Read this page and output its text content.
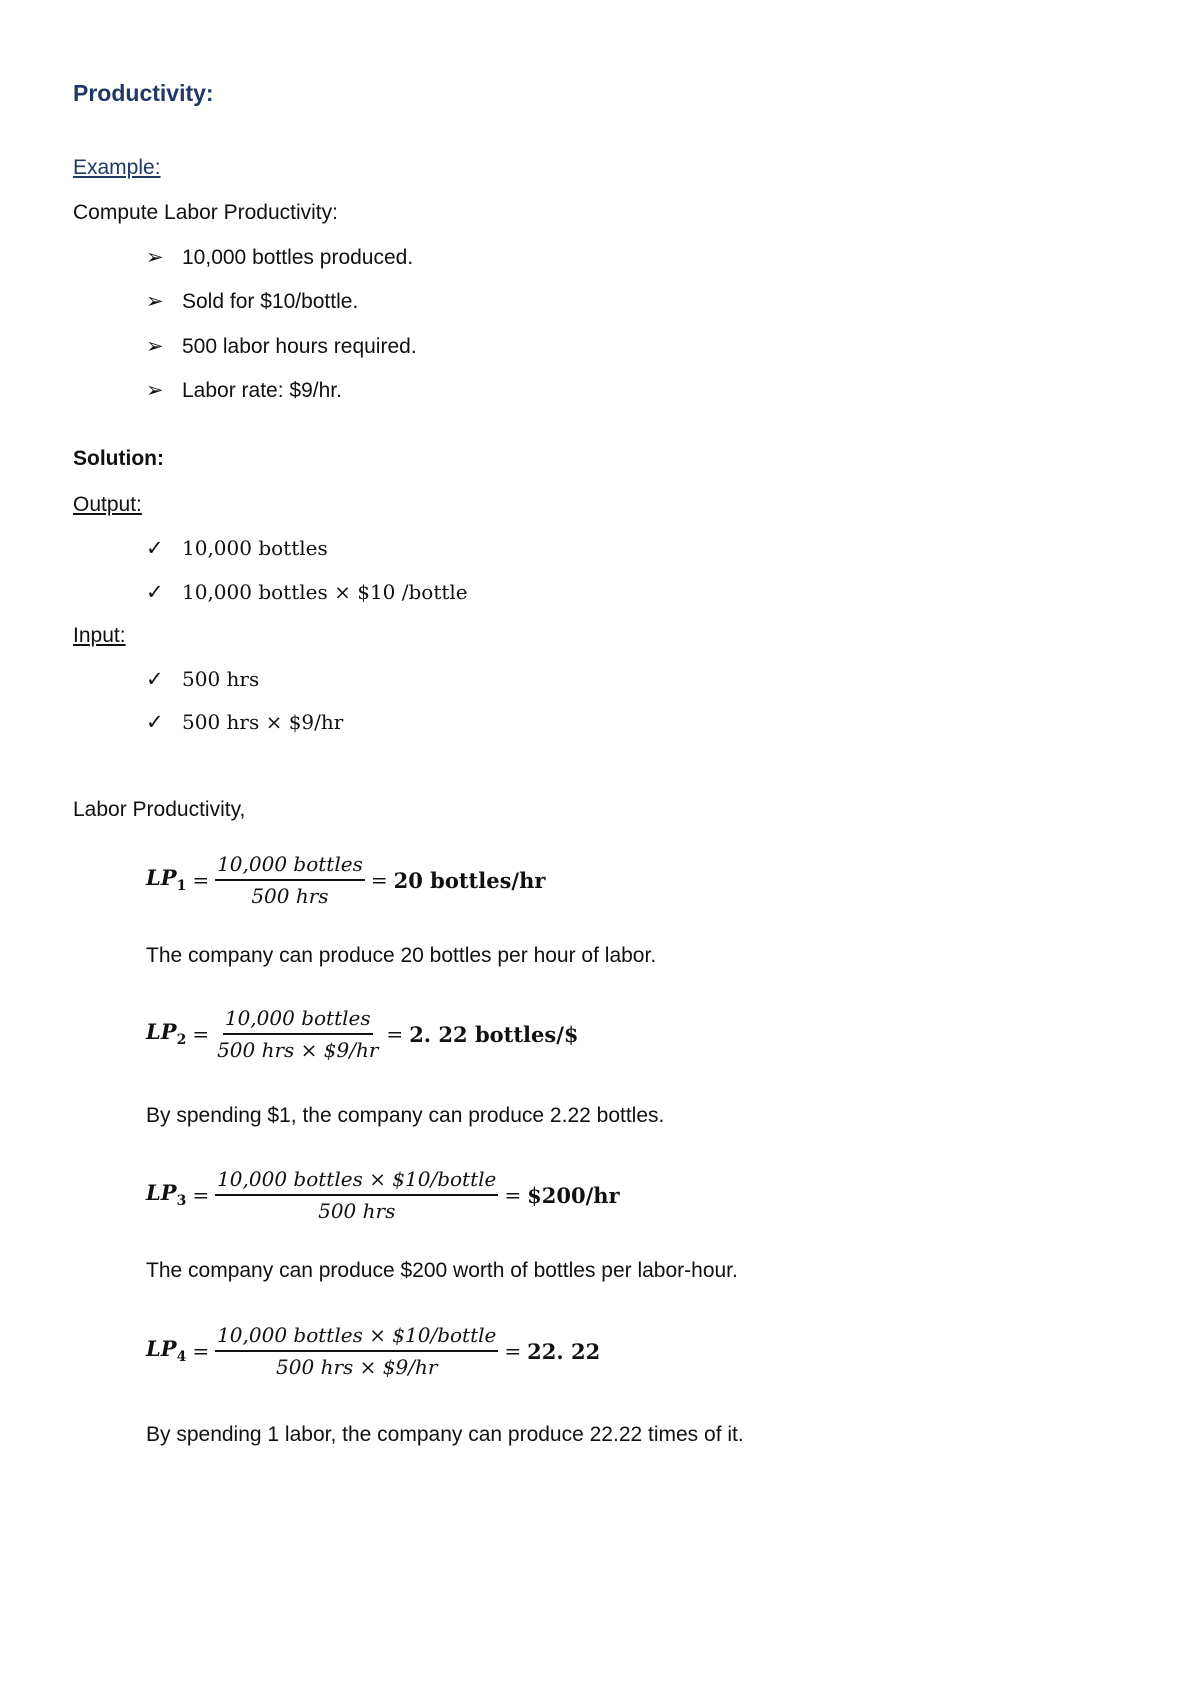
Productivity:
Example:
Compute Labor Productivity:
➢ 10,000 bottles produced.
➢ Sold for $10/bottle.
➢ 500 labor hours required.
➢ Labor rate: $9/hr.
Solution:
Output:
✓ 10,000 bottles
✓ 10,000 bottles × $10 /bottle
Input:
✓ 500 hrs
✓ 500 hrs × $9/hr
Labor Productivity,
$LP_1 = \frac{\text{10,000 bottles}}{\text{500 hrs}} = 20$ bottles/hr
The company can produce 20 bottles per hour of labor.
$LP_2 = \frac{\text{10,000 bottles}}{\text{500 hrs × \$9/hr}} = 2$. 22 bottles/$
By spending $1, the company can produce 2.22 bottles.
$LP_3 = \frac{\text{10,000 bottles × \$10/bottle}}{\text{500 hrs}}$ = $200/hr
The company can produce $200 worth of bottles per labor-hour.
$LP_4 = \frac{\text{10,000 bottles × \$10/bottle}}{\text{500 hrs × \$9/hr}} = 22$. 22
By spending 1 labor, the company can produce 22.22 times of it.
